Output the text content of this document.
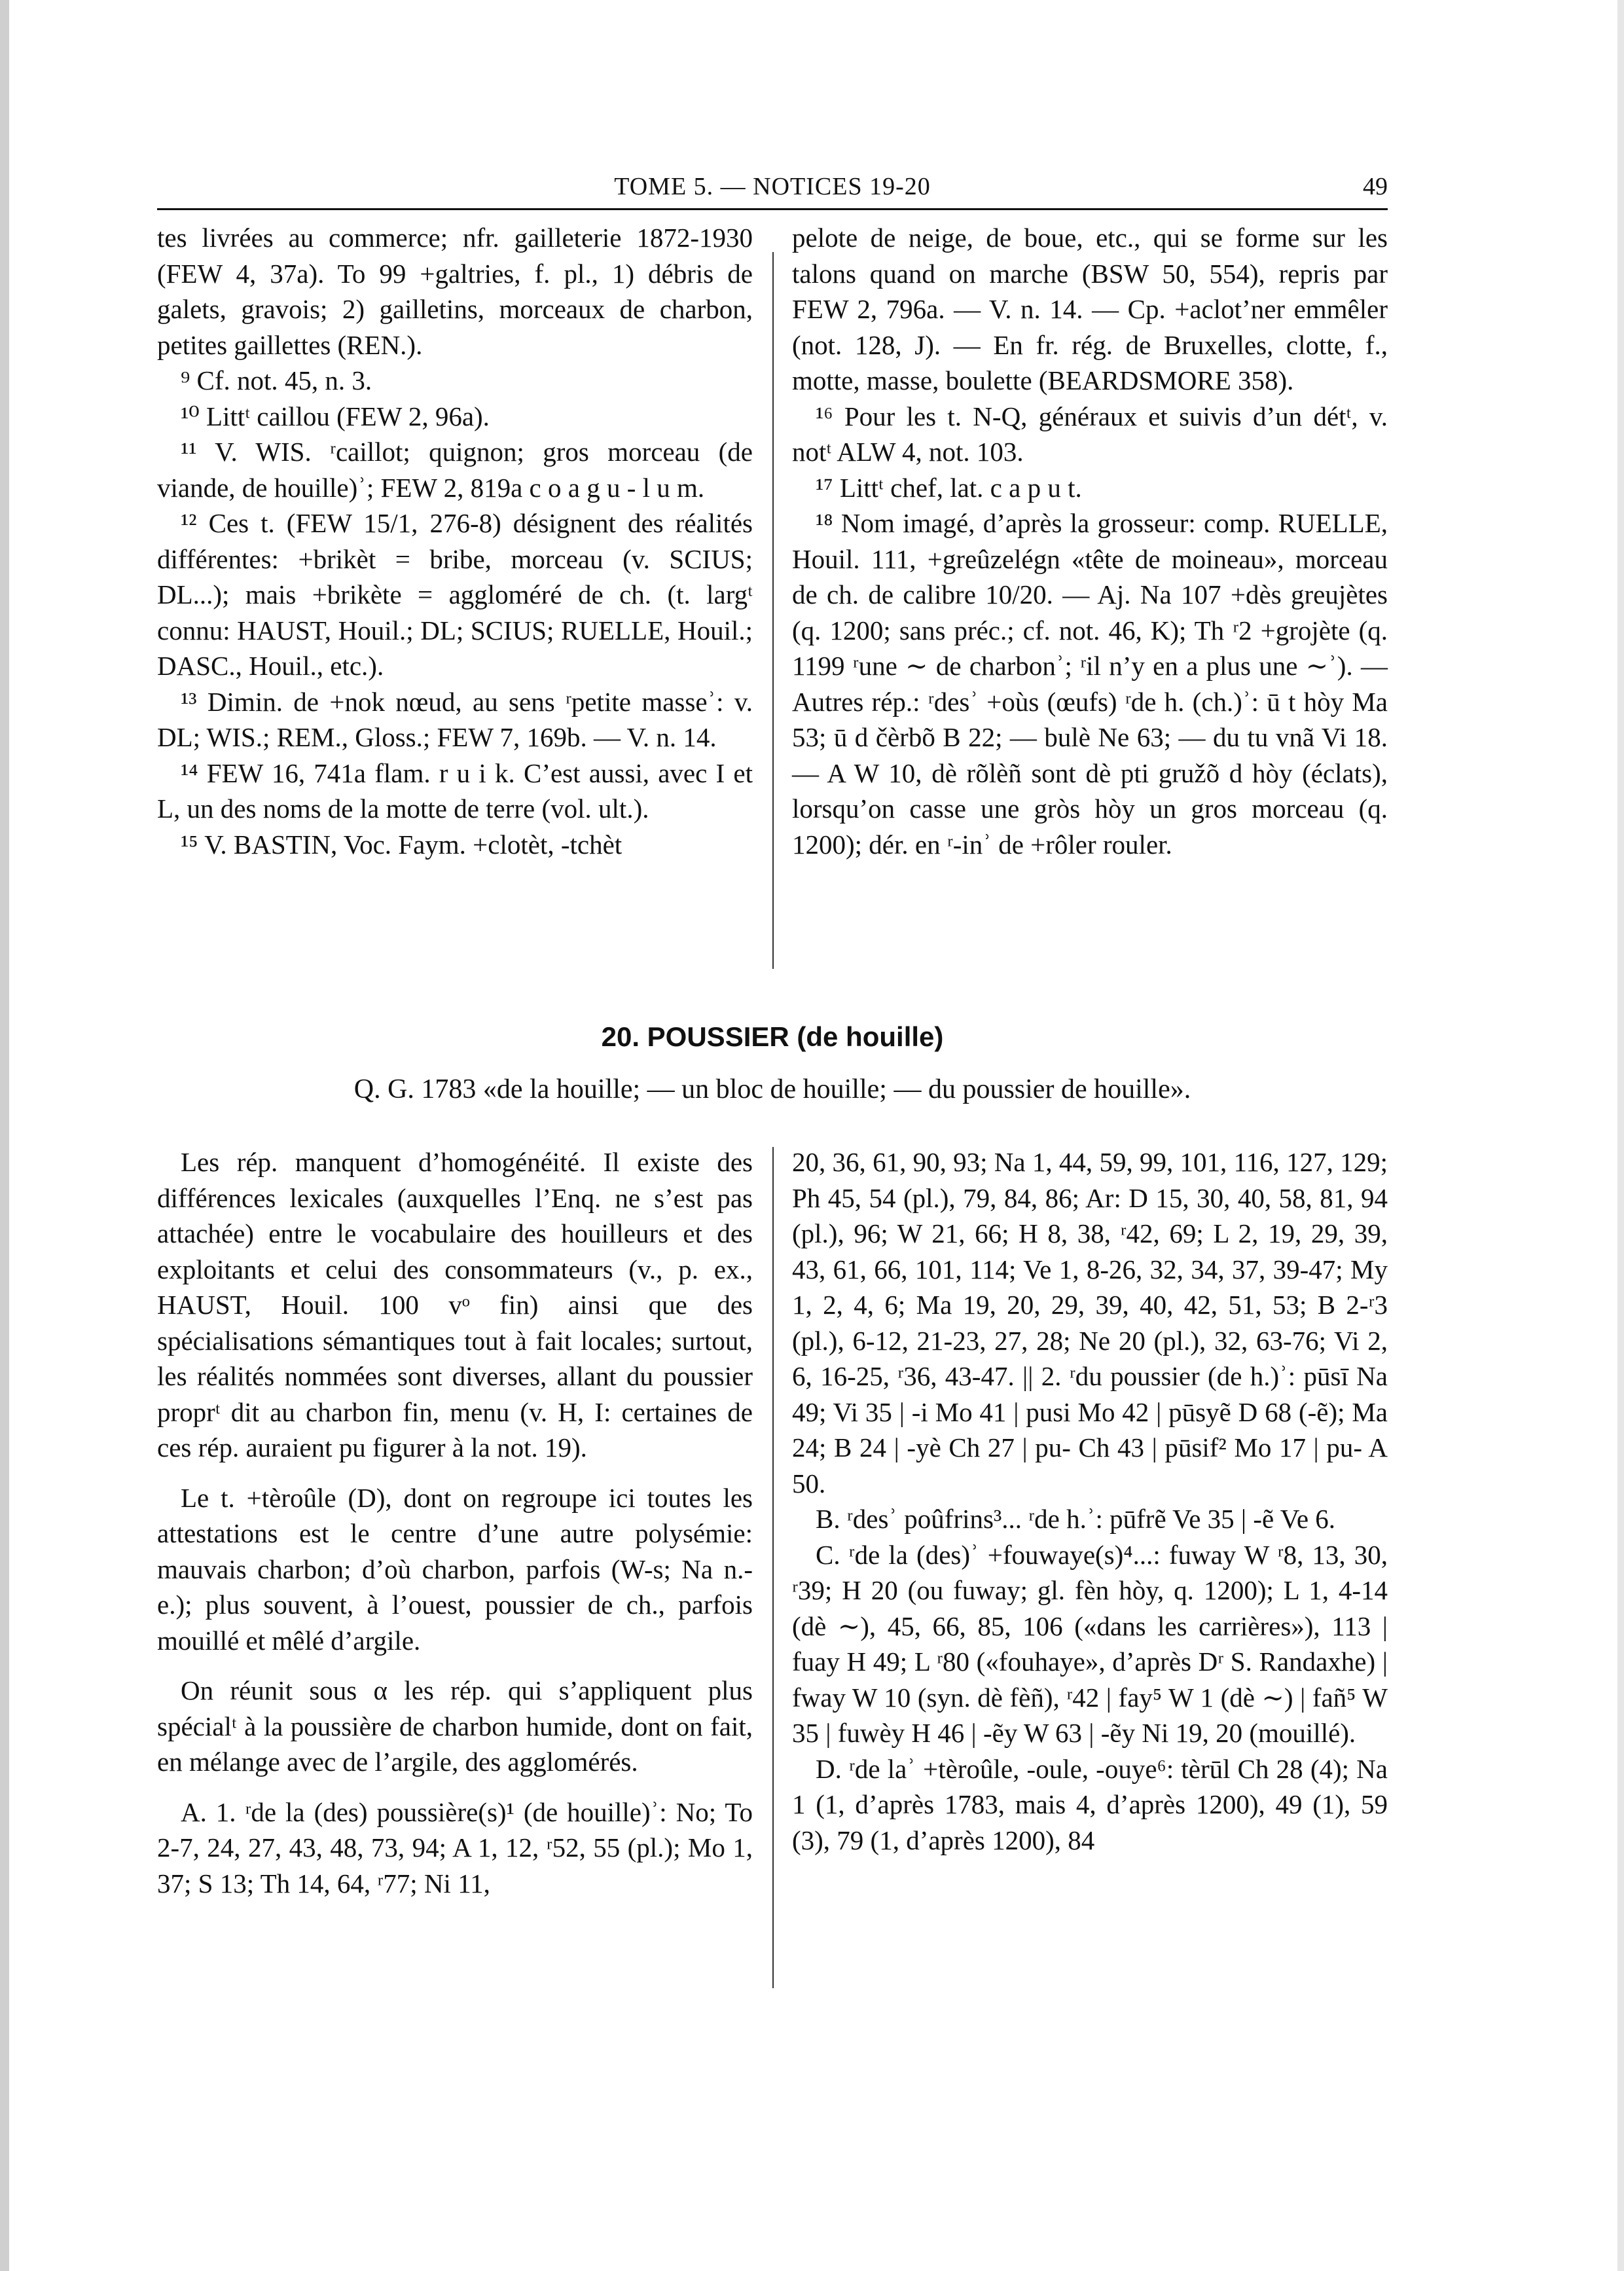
TOME 5. — NOTICES 19-20	49

tes livrées au commerce; nfr. gailleterie 1872-1930 (FEW 4, 37a). To 99 +galtries, f. pl., 1) débris de galets, gravois; 2) gailletins, morceaux de charbon, petites gaillettes (REN.).

⁹ Cf. not. 45, n. 3.

¹⁰ Littᵗ caillou (FEW 2, 96a).

¹¹ V. WIS. ʳcaillot; quignon; gros morceau (de viande, de houille)ʾ; FEW 2, 819a c o a g u - l u m.

¹² Ces t. (FEW 15/1, 276-8) désignent des réalités différentes: +brikèt = bribe, morceau (v. SCIUS; DL...); mais +brikète = aggloméré de ch. (t. largᵗ connu: HAUST, Houil.; DL; SCIUS; RUELLE, Houil.; DASC., Houil., etc.).

¹³ Dimin. de +nok nœud, au sens ʳpetite masseʾ: v. DL; WIS.; REM., Gloss.; FEW 7, 169b. — V. n. 14.

¹⁴ FEW 16, 741a flam. r u i k. C’est aussi, avec I et L, un des noms de la motte de terre (vol. ult.).

¹⁵ V. BASTIN, Voc. Faym. +clotèt, -tchèt

pelote de neige, de boue, etc., qui se forme sur les talons quand on marche (BSW 50, 554), repris par FEW 2, 796a. — V. n. 14. — Cp. +aclot’ner emmêler (not. 128, J). — En fr. rég. de Bruxelles, clotte, f., motte, masse, boulette (BEARDSMORE 358).

¹⁶ Pour les t. N-Q, généraux et suivis d’un détᵗ, v. notᵗ ALW 4, not. 103.

¹⁷ Littᵗ chef, lat. c a p u t.

¹⁸ Nom imagé, d’après la grosseur: comp. RUELLE, Houil. 111, +greûzelégn «tête de moineau», morceau de ch. de calibre 10/20. — Aj. Na 107 +dès greujètes (q. 1200; sans préc.; cf. not. 46, K); Th ʳ2 +grojète (q. 1199 ʳune ∼ de charbonʾ; ʳil n’y en a plus une ∼ʾ). — Autres rép.: ʳdesʾ +oùs (œufs) ʳde h. (ch.)ʾ: ū t hòy Ma 53; ū d čèrbõ B 22; — bulè Ne 63; — du tu vnã Vi 18. — A W 10, dè rõlèñ sont dè pti gružõ d hòy (éclats), lorsqu’on casse une gròs hòy un gros morceau (q. 1200); dér. en ʳ-inʾ de +rôler rouler.

20. POUSSIER (de houille)
Q. G. 1783 «de la houille; — un bloc de houille; — du poussier de houille».

Les rép. manquent d’homogénéité. Il existe des différences lexicales (auxquelles l’Enq. ne s’est pas attachée) entre le vocabulaire des houilleurs et des exploitants et celui des consommateurs (v., p. ex., HAUST, Houil. 100 vᵒ fin) ainsi que des spécialisations sémantiques tout à fait locales; surtout, les réalités nommées sont diverses, allant du poussier proprᵗ dit au charbon fin, menu (v. H, I: certaines de ces rép. auraient pu figurer à la not. 19).

Le t. +tèroûle (D), dont on regroupe ici toutes les attestations est le centre d’une autre polysémie: mauvais charbon; d’où charbon, parfois (W-s; Na n.-e.); plus souvent, à l’ouest, poussier de ch., parfois mouillé et mêlé d’argile.

On réunit sous α les rép. qui s’appliquent plus spécialᵗ à la poussière de charbon humide, dont on fait, en mélange avec de l’argile, des agglomérés.

A. 1. ʳde la (des) poussière(s)¹ (de houille)ʾ: No; To 2-7, 24, 27, 43, 48, 73, 94; A 1, 12, ʳ52, 55 (pl.); Mo 1, 37; S 13; Th 14, 64, ʳ77; Ni 11,

20, 36, 61, 90, 93; Na 1, 44, 59, 99, 101, 116, 127, 129; Ph 45, 54 (pl.), 79, 84, 86; Ar: D 15, 30, 40, 58, 81, 94 (pl.), 96; W 21, 66; H 8, 38, ʳ42, 69; L 2, 19, 29, 39, 43, 61, 66, 101, 114; Ve 1, 8-26, 32, 34, 37, 39-47; My 1, 2, 4, 6; Ma 19, 20, 29, 39, 40, 42, 51, 53; B 2-ʳ3 (pl.), 6-12, 21-23, 27, 28; Ne 20 (pl.), 32, 63-76; Vi 2, 6, 16-25, ʳ36, 43-47. || 2. ʳdu poussier (de h.)ʾ: pūsī Na 49; Vi 35 | -i Mo 41 | pusi Mo 42 | pūsyẽ D 68 (-ẽ); Ma 24; B 24 | -yè Ch 27 | pu- Ch 43 | pūsif² Mo 17 | pu- A 50.

B. ʳdesʾ poûfrins³... ʳde h.ʾ: pūfrẽ Ve 35 | -ẽ Ve 6.

C. ʳde la (des)ʾ +fouwaye(s)⁴...: fuway W ʳ8, 13, 30, ʳ39; H 20 (ou fuway; gl. fèn hòy, q. 1200); L 1, 4-14 (dè ∼), 45, 66, 85, 106 («dans les carrières»), 113 | fuay H 49; L ʳ80 («fouhaye», d’après Dʳ S. Randaxhe) | fway W 10 (syn. dè fèñ), ʳ42 | fay⁵ W 1 (dè ∼) | fañ⁵ W 35 | fuwèy H 46 | -ẽy W 63 | -ẽy Ni 19, 20 (mouillé).

D. ʳde laʾ +tèroûle, -oule, -ouye⁶: tèrūl Ch 28 (4); Na 1 (1, d’après 1783, mais 4, d’après 1200), 49 (1), 59 (3), 79 (1, d’après 1200), 84
